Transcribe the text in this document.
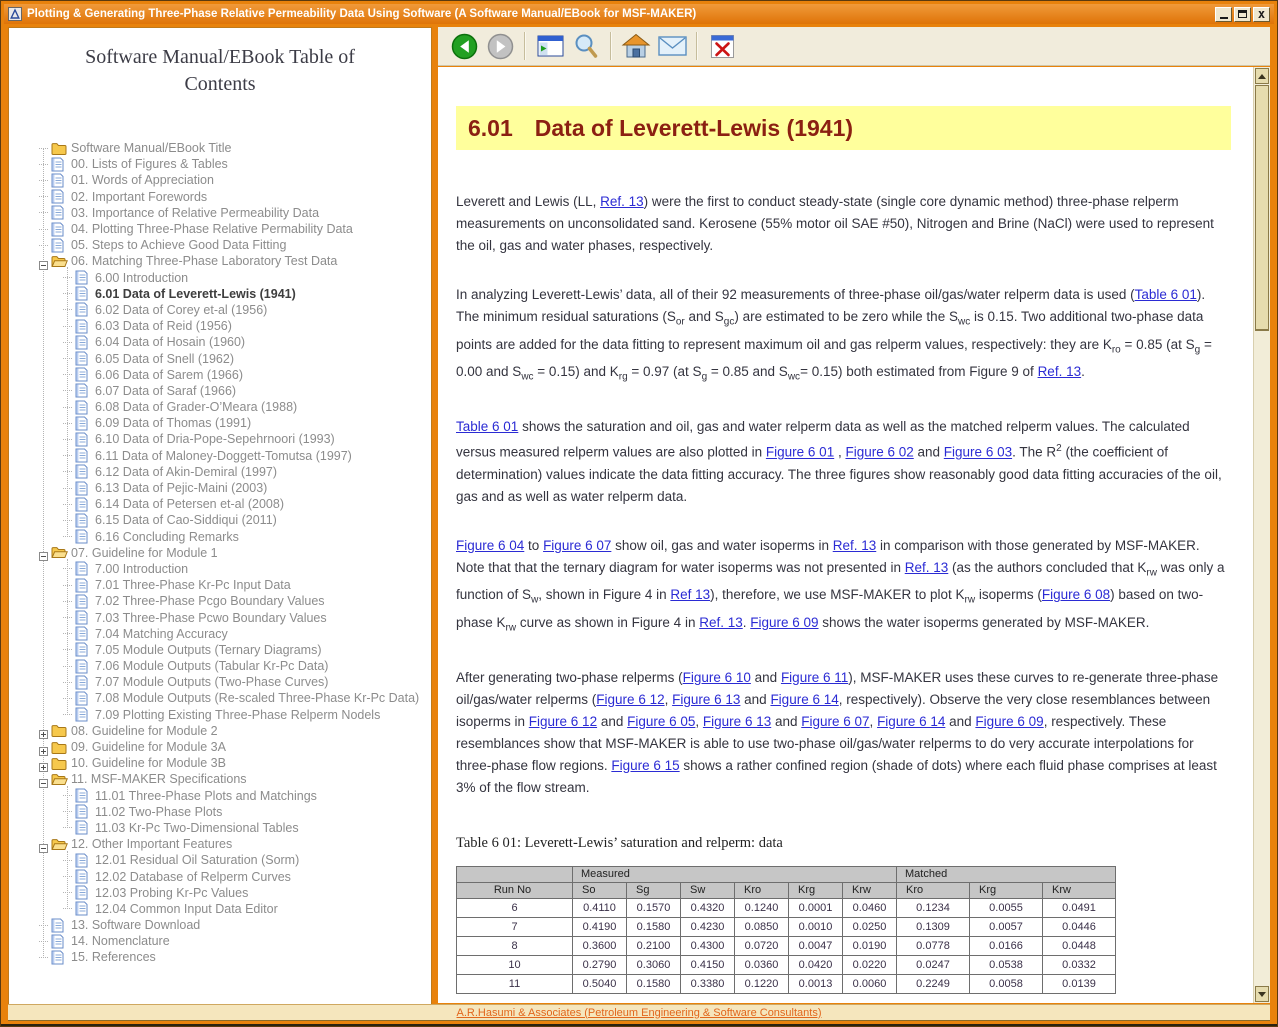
Plotting & Generating Three-Phase Relative Permeability Data Using Software (A Software Manual/EBook for MSF-MAKER)	x
Software Manual/EBook Table of Contents
Software Manual/EBook Title
00. Lists of Figures & Tables
01. Words of Appreciation
02. Important Forewords
03. Importance of Relative Permeability Data
04. Plotting Three-Phase Relative Permability Data
05. Steps to Achieve Good Data Fitting
06. Matching Three-Phase Laboratory Test Data
6.00 Introduction
6.01 Data of Leverett-Lewis (1941)
6.02 Data of Corey et-al (1956)
6.03 Data of Reid (1956)
6.04 Data of Hosain (1960)
6.05 Data of Snell (1962)
6.06 Data of Sarem (1966)
6.07 Data of Saraf (1966)
6.08 Data of Grader-O’Meara (1988)
6.09 Data of Thomas (1991)
6.10 Data of Dria-Pope-Sepehrnoori (1993)
6.11 Data of Maloney-Doggett-Tomutsa (1997)
6.12 Data of Akin-Demiral (1997)
6.13 Data of Pejic-Maini (2003)
6.14 Data of Petersen et-al (2008)
6.15 Data of Cao-Siddiqui (2011)
6.16 Concluding Remarks
07. Guideline for Module 1
7.00 Introduction
7.01 Three-Phase Kr-Pc Input Data
7.02 Three-Phase Pcgo Boundary Values
7.03 Three-Phase Pcwo Boundary Values
7.04 Matching Accuracy
7.05 Module Outputs (Ternary Diagrams)
7.06 Module Outputs (Tabular Kr-Pc Data)
7.07 Module Outputs (Two-Phase Curves)
7.08 Module Outputs (Re-scaled Three-Phase Kr-Pc Data)
7.09 Plotting Existing Three-Phase Relperm Nodels
08. Guideline for Module 2
09. Guideline for Module 3A
10. Guideline for Module 3B
11. MSF-MAKER Specifications
11.01 Three-Phase Plots and Matchings
11.02 Two-Phase Plots
11.03 Kr-Pc Two-Dimensional Tables
12. Other Important Features
12.01 Residual Oil Saturation (Sorm)
12.02 Database of Relperm Curves
12.03 Probing Kr-Pc Values
12.04 Common Input Data Editor
13. Software Download
14. Nomenclature
15. References
6.01 Data of Leverett-Lewis (1941)

Leverett and Lewis (LL, Ref. 13) were the first to conduct steady-state (single core dynamic method) three-phase relperm measurements on unconsolidated sand. Kerosene (55% motor oil SAE #50), Nitrogen and Brine (NaCl) were used to represent the oil, gas and water phases, respectively.

In analyzing Leverett-Lewis’ data, all of their 92 measurements of three-phase oil/gas/water relperm data is used (Table 6 01). The minimum residual saturations ($S_{or}$ and $S_{gc}$) are estimated to be zero while the $S_{wc}$ is 0.15. Two additional two-phase data points are added for the data fitting to represent maximum oil and gas relperm values, respectively: they are $K_{ro} = 0.85$ (at $S_g = 0.00$ and $S_{wc} = 0.15$) and $K_{rg} = 0.97$ (at $S_g = 0.85$ and $S_{wc}= 0.15$) both estimated from Figure 9 of Ref. 13.

Table 6 01 shows the saturation and oil, gas and water relperm data as well as the matched relperm values. The calculated versus measured relperm values are also plotted in Figure 6 01 , Figure 6 02 and Figure 6 03. The $R^2$ (the coefficient of determination) values indicate the data fitting accuracy. The three figures show reasonably good data fitting accuracies of the oil, gas and as well as water relperm data.

Figure 6 04 to Figure 6 07 show oil, gas and water isoperms in Ref. 13 in comparison with those generated by MSF-MAKER. Note that that the ternary diagram for water isoperms was not presented in Ref. 13 (as the authors concluded that $K_{rw}$ was only a function of $S_w$, shown in Figure 4 in Ref 13), therefore, we use MSF-MAKER to plot $K_{rw}$ isoperms (Figure 6 08) based on two-phase $K_{rw}$ curve as shown in Figure 4 in Ref. 13. Figure 6 09 shows the water isoperms generated by MSF-MAKER.

After generating two-phase relperms (Figure 6 10 and Figure 6 11), MSF-MAKER uses these curves to re-generate three-phase oil/gas/water relperms (Figure 6 12, Figure 6 13 and Figure 6 14, respectively). Observe the very close resemblances between isoperms in Figure 6 12 and Figure 6 05, Figure 6 13 and Figure 6 07, Figure 6 14 and Figure 6 09, respectively. These resemblances show that MSF-MAKER is able to use two-phase oil/gas/water relperms to do very accurate interpolations for three-phase flow regions. Figure 6 15 shows a rather confined region (shade of dots) where each fluid phase comprises at least 3% of the flow stream.

Table 6 01: Leverett-Lewis’ saturation and relperm: data
	Measured						Matched		
Run No	So	Sg	Sw	Kro	Krg	Krw	Kro	Krg	Krw
6	0.4110	0.1570	0.4320	0.1240	0.0001	0.0460	0.1234	0.0055	0.0491
7	0.4190	0.1580	0.4230	0.0850	0.0010	0.0250	0.1309	0.0057	0.0446
8	0.3600	0.2100	0.4300	0.0720	0.0047	0.0190	0.0778	0.0166	0.0448
10	0.2790	0.3060	0.4150	0.0360	0.0420	0.0220	0.0247	0.0538	0.0332
11	0.5040	0.1580	0.3380	0.1220	0.0013	0.0060	0.2249	0.0058	0.0139
A.R.Hasumi & Associates (Petroleum Engineering & Software Consultants)
